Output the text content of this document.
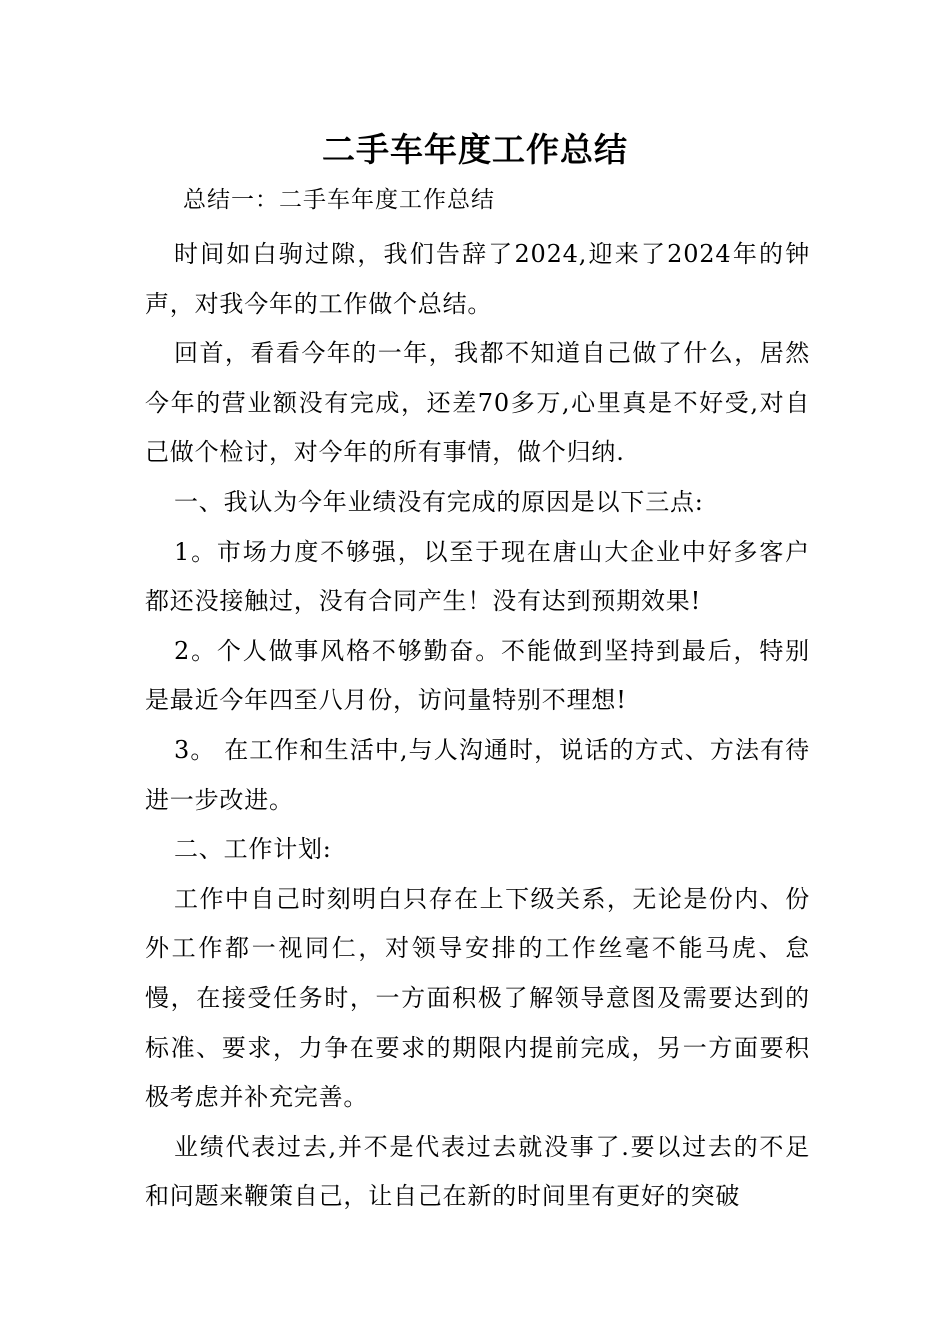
二手车年度工作总结
总结一：二手车年度工作总结

时间如白驹过隙，我们告辞了2024,迎来了2024年的钟声，对我今年的工作做个总结。

回首，看看今年的一年，我都不知道自己做了什么，居然今年的营业额没有完成，还差70多万,心里真是不好受,对自己做个检讨，对今年的所有事情，做个归纳.

一、我认为今年业绩没有完成的原因是以下三点:

1。市场力度不够强，以至于现在唐山大企业中好多客户都还没接触过，没有合同产生！没有达到预期效果!

2。个人做事风格不够勤奋。不能做到坚持到最后，特别是最近今年四至八月份，访问量特别不理想!

3。 在工作和生活中,与人沟通时，说话的方式、方法有待进一步改进。

二、工作计划:

工作中自己时刻明白只存在上下级关系，无论是份内、份外工作都一视同仁，对领导安排的工作丝毫不能马虎、怠慢，在接受任务时，一方面积极了解领导意图及需要达到的标准、要求，力争在要求的期限内提前完成，另一方面要积极考虑并补充完善。

业绩代表过去,并不是代表过去就没事了.要以过去的不足和问题来鞭策自己，让自己在新的时间里有更好的突破
